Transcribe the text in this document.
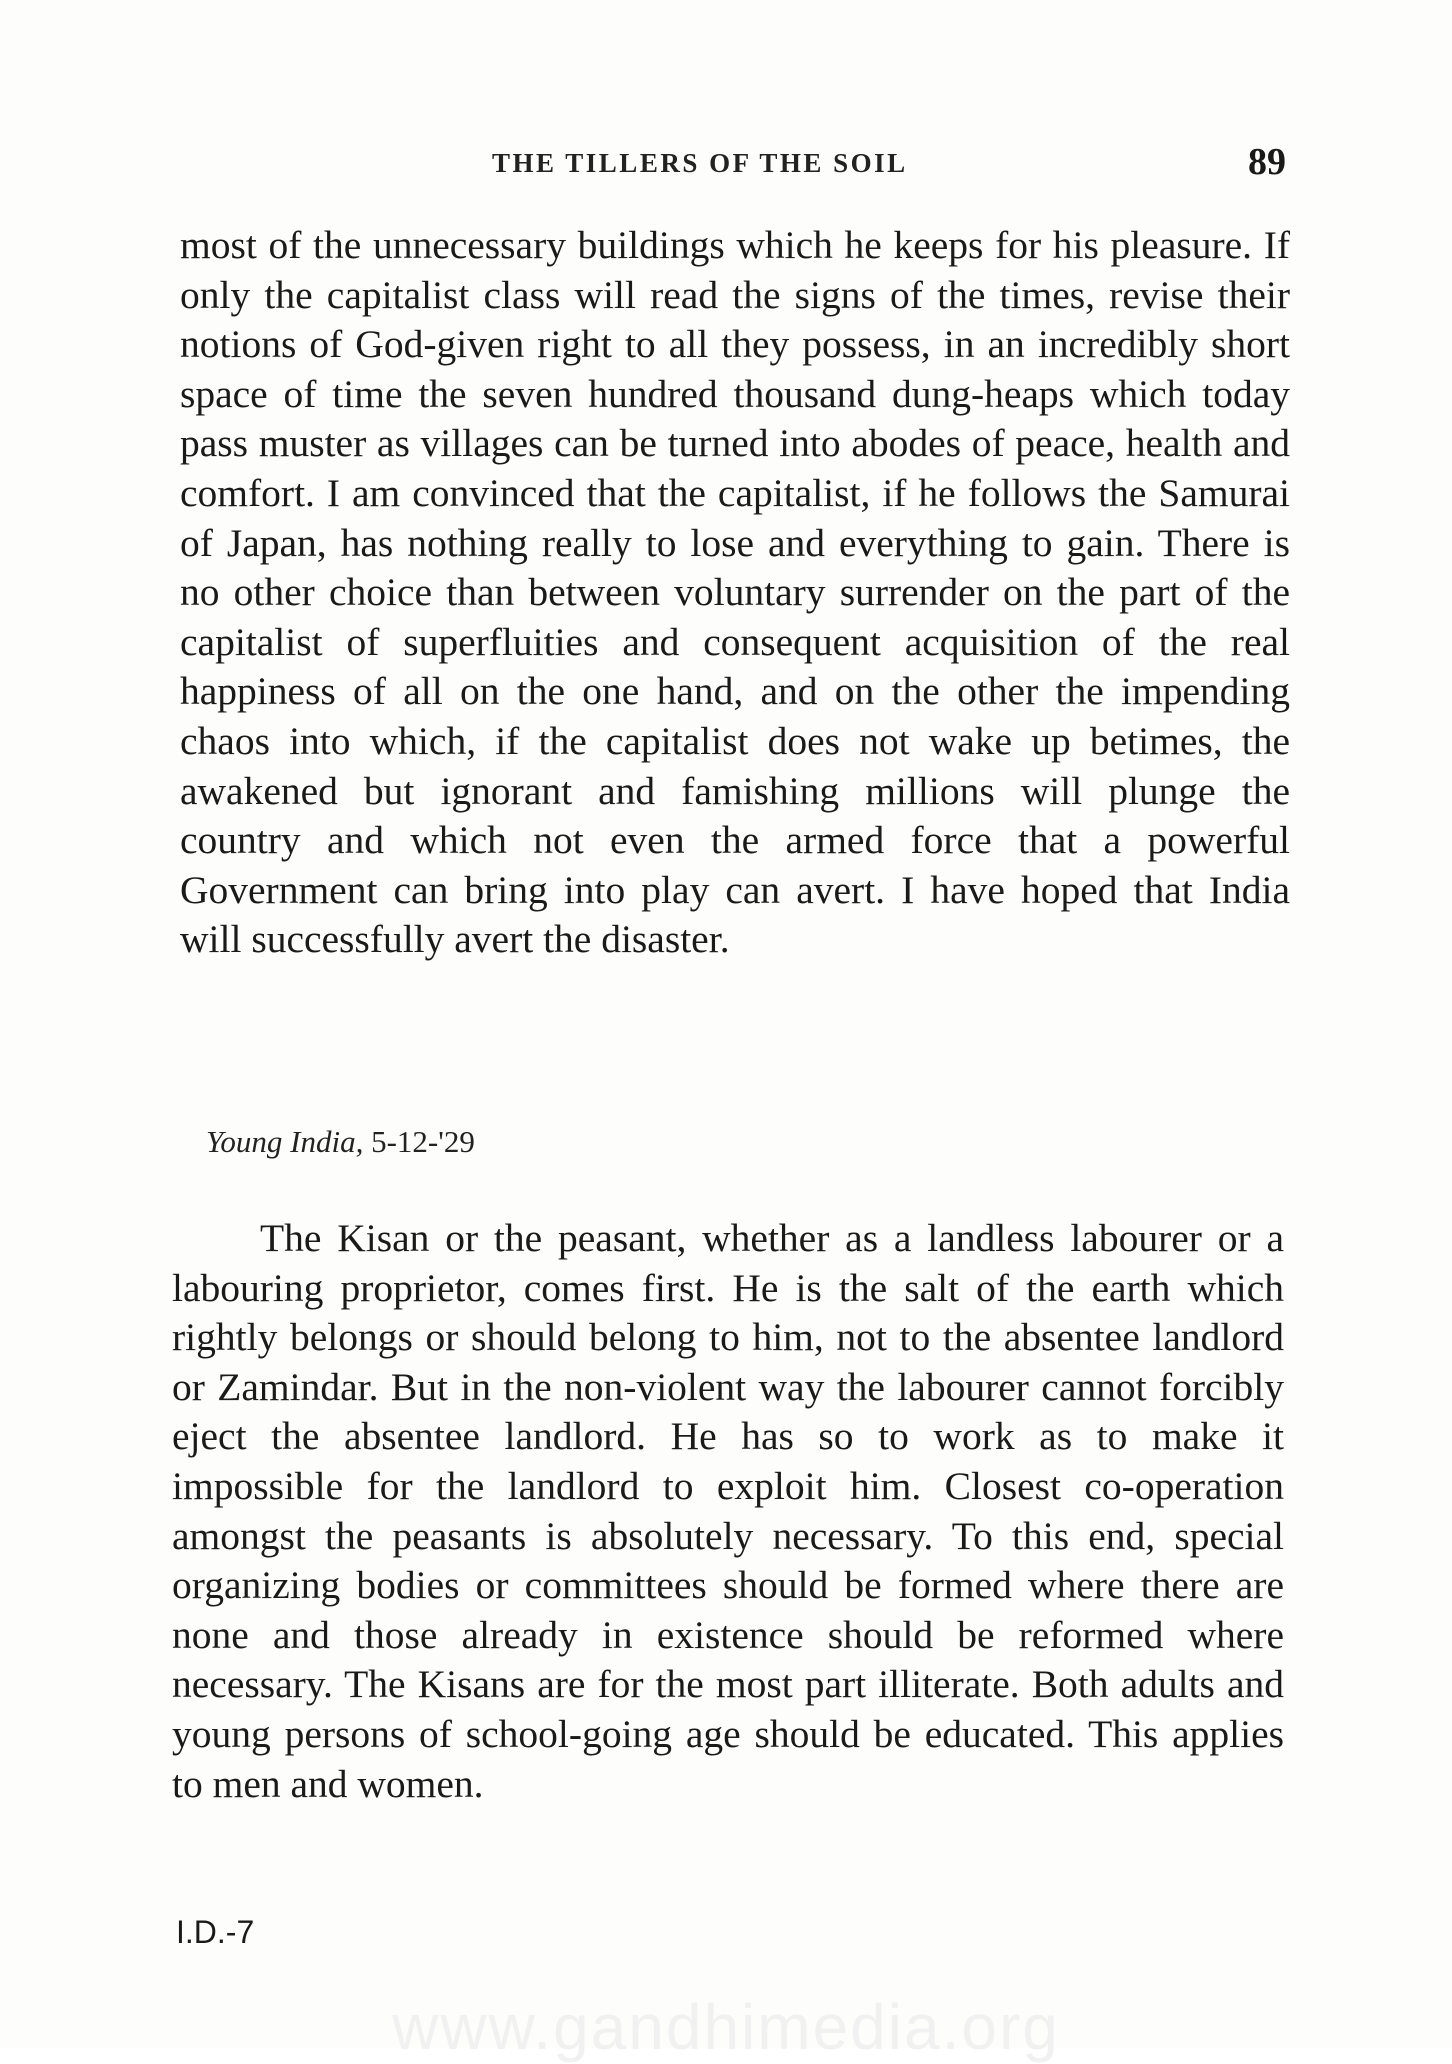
THE TILLERS OF THE SOIL	89

most of the unnecessary buildings which he keeps for his pleasure. If only the capitalist class will read the signs of the times, revise their notions of God-given right to all they possess, in an incredibly short space of time the seven hundred thousand dung-heaps which today pass muster as villages can be turned into abodes of peace, health and comfort. I am convinced that the capitalist, if he follows the Samurai of Japan, has nothing really to lose and everything to gain. There is no other choice than between voluntary surrender on the part of the capitalist of superfluities and consequent acquisition of the real happiness of all on the one hand, and on the other the impending chaos into which, if the capitalist does not wake up betimes, the awakened but ignorant and famishing millions will plunge the country and which not even the armed force that a powerful Government can bring into play can avert. I have hoped that India will successfully avert the disaster.

Young India, 5-12-'29

The Kisan or the peasant, whether as a landless labourer or a labouring proprietor, comes first. He is the salt of the earth which rightly belongs or should belong to him, not to the absentee landlord or Zamindar. But in the non-violent way the labourer cannot forcibly eject the absentee landlord. He has so to work as to make it impossible for the landlord to exploit him. Closest co-operation amongst the peasants is absolutely necessary. To this end, special organizing bodies or committees should be formed where there are none and those already in existence should be reformed where necessary. The Kisans are for the most part illiterate. Both adults and young persons of school-going age should be educated. This applies to men and women.

I.D.-7
www.gandhimedia.org
